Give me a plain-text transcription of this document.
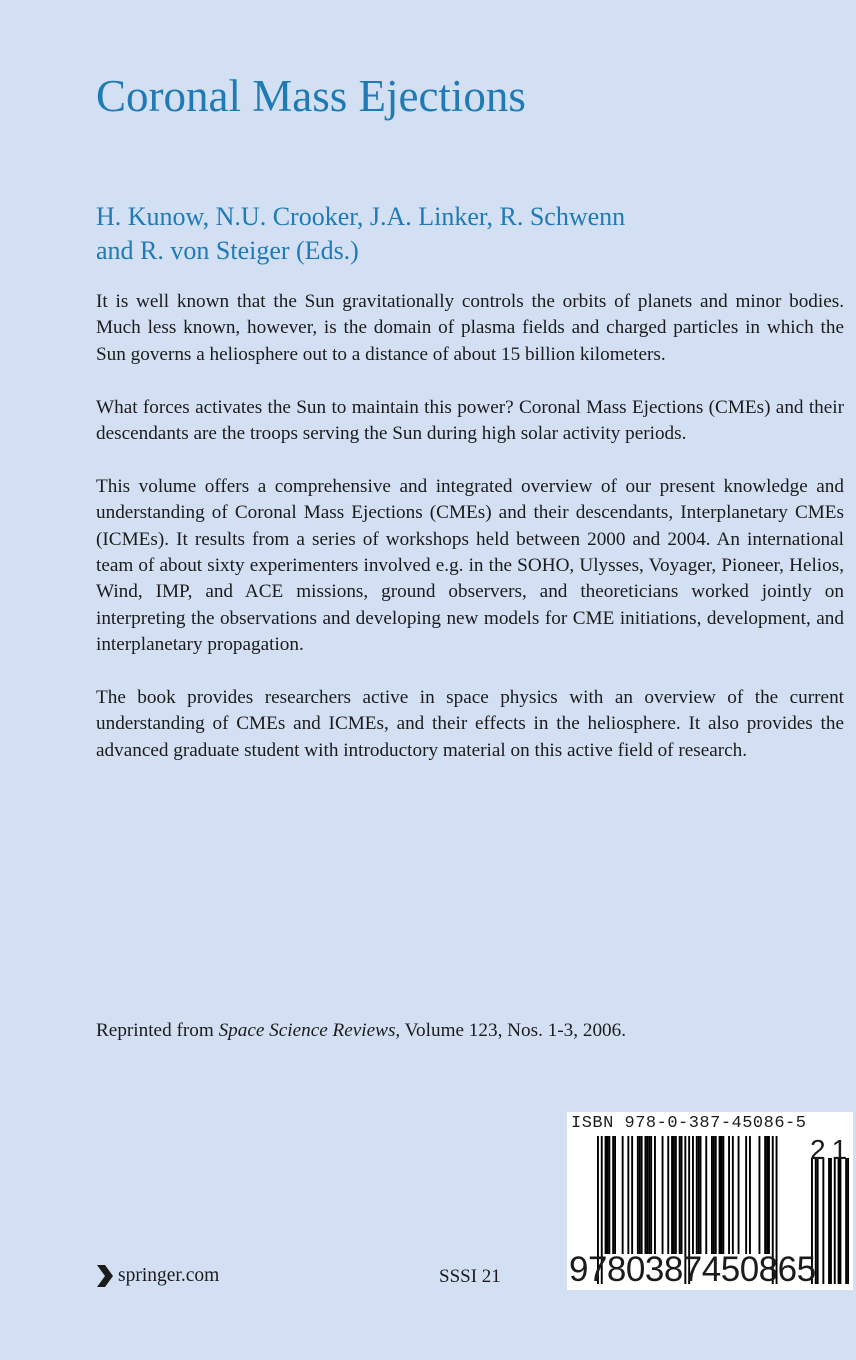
Coronal Mass Ejections
H. Kunow, N.U. Crooker, J.A. Linker, R. Schwenn
and R. von Steiger (Eds.)

It is well known that the Sun gravitationally controls the orbits of planets and minor bodies. Much less known, however, is the domain of plasma fields and charged particles in which the Sun governs a heliosphere out to a distance of about 15 billion kilometers.

What forces activates the Sun to maintain this power? Coronal Mass Ejections (CMEs) and their descendants are the troops serving the Sun during high solar activity periods.

This volume offers a comprehensive and integrated overview of our present knowledge and understanding of Coronal Mass Ejections (CMEs) and their descendants, Interplanetary CMEs (ICMEs). It results from a series of workshops held between 2000 and 2004. An international team of about sixty experimenters involved e.g. in the SOHO, Ulysses, Voyager, Pioneer, Helios, Wind, IMP, and ACE missions, ground observers, and theoreticians worked jointly on interpreting the observations and developing new models for CME initiations, development, and interplanetary propagation.

The book provides researchers active in space physics with an overview of the current understanding of CMEs and ICMEs, and their effects in the heliosphere. It also provides the advanced graduate student with introductory material on this active field of research.

Reprinted from Space Science Reviews, Volume 123, Nos. 1-3, 2006.
springer.com	SSSI 21
ISBN 978-0-387-45086-5
9780387450865
21
